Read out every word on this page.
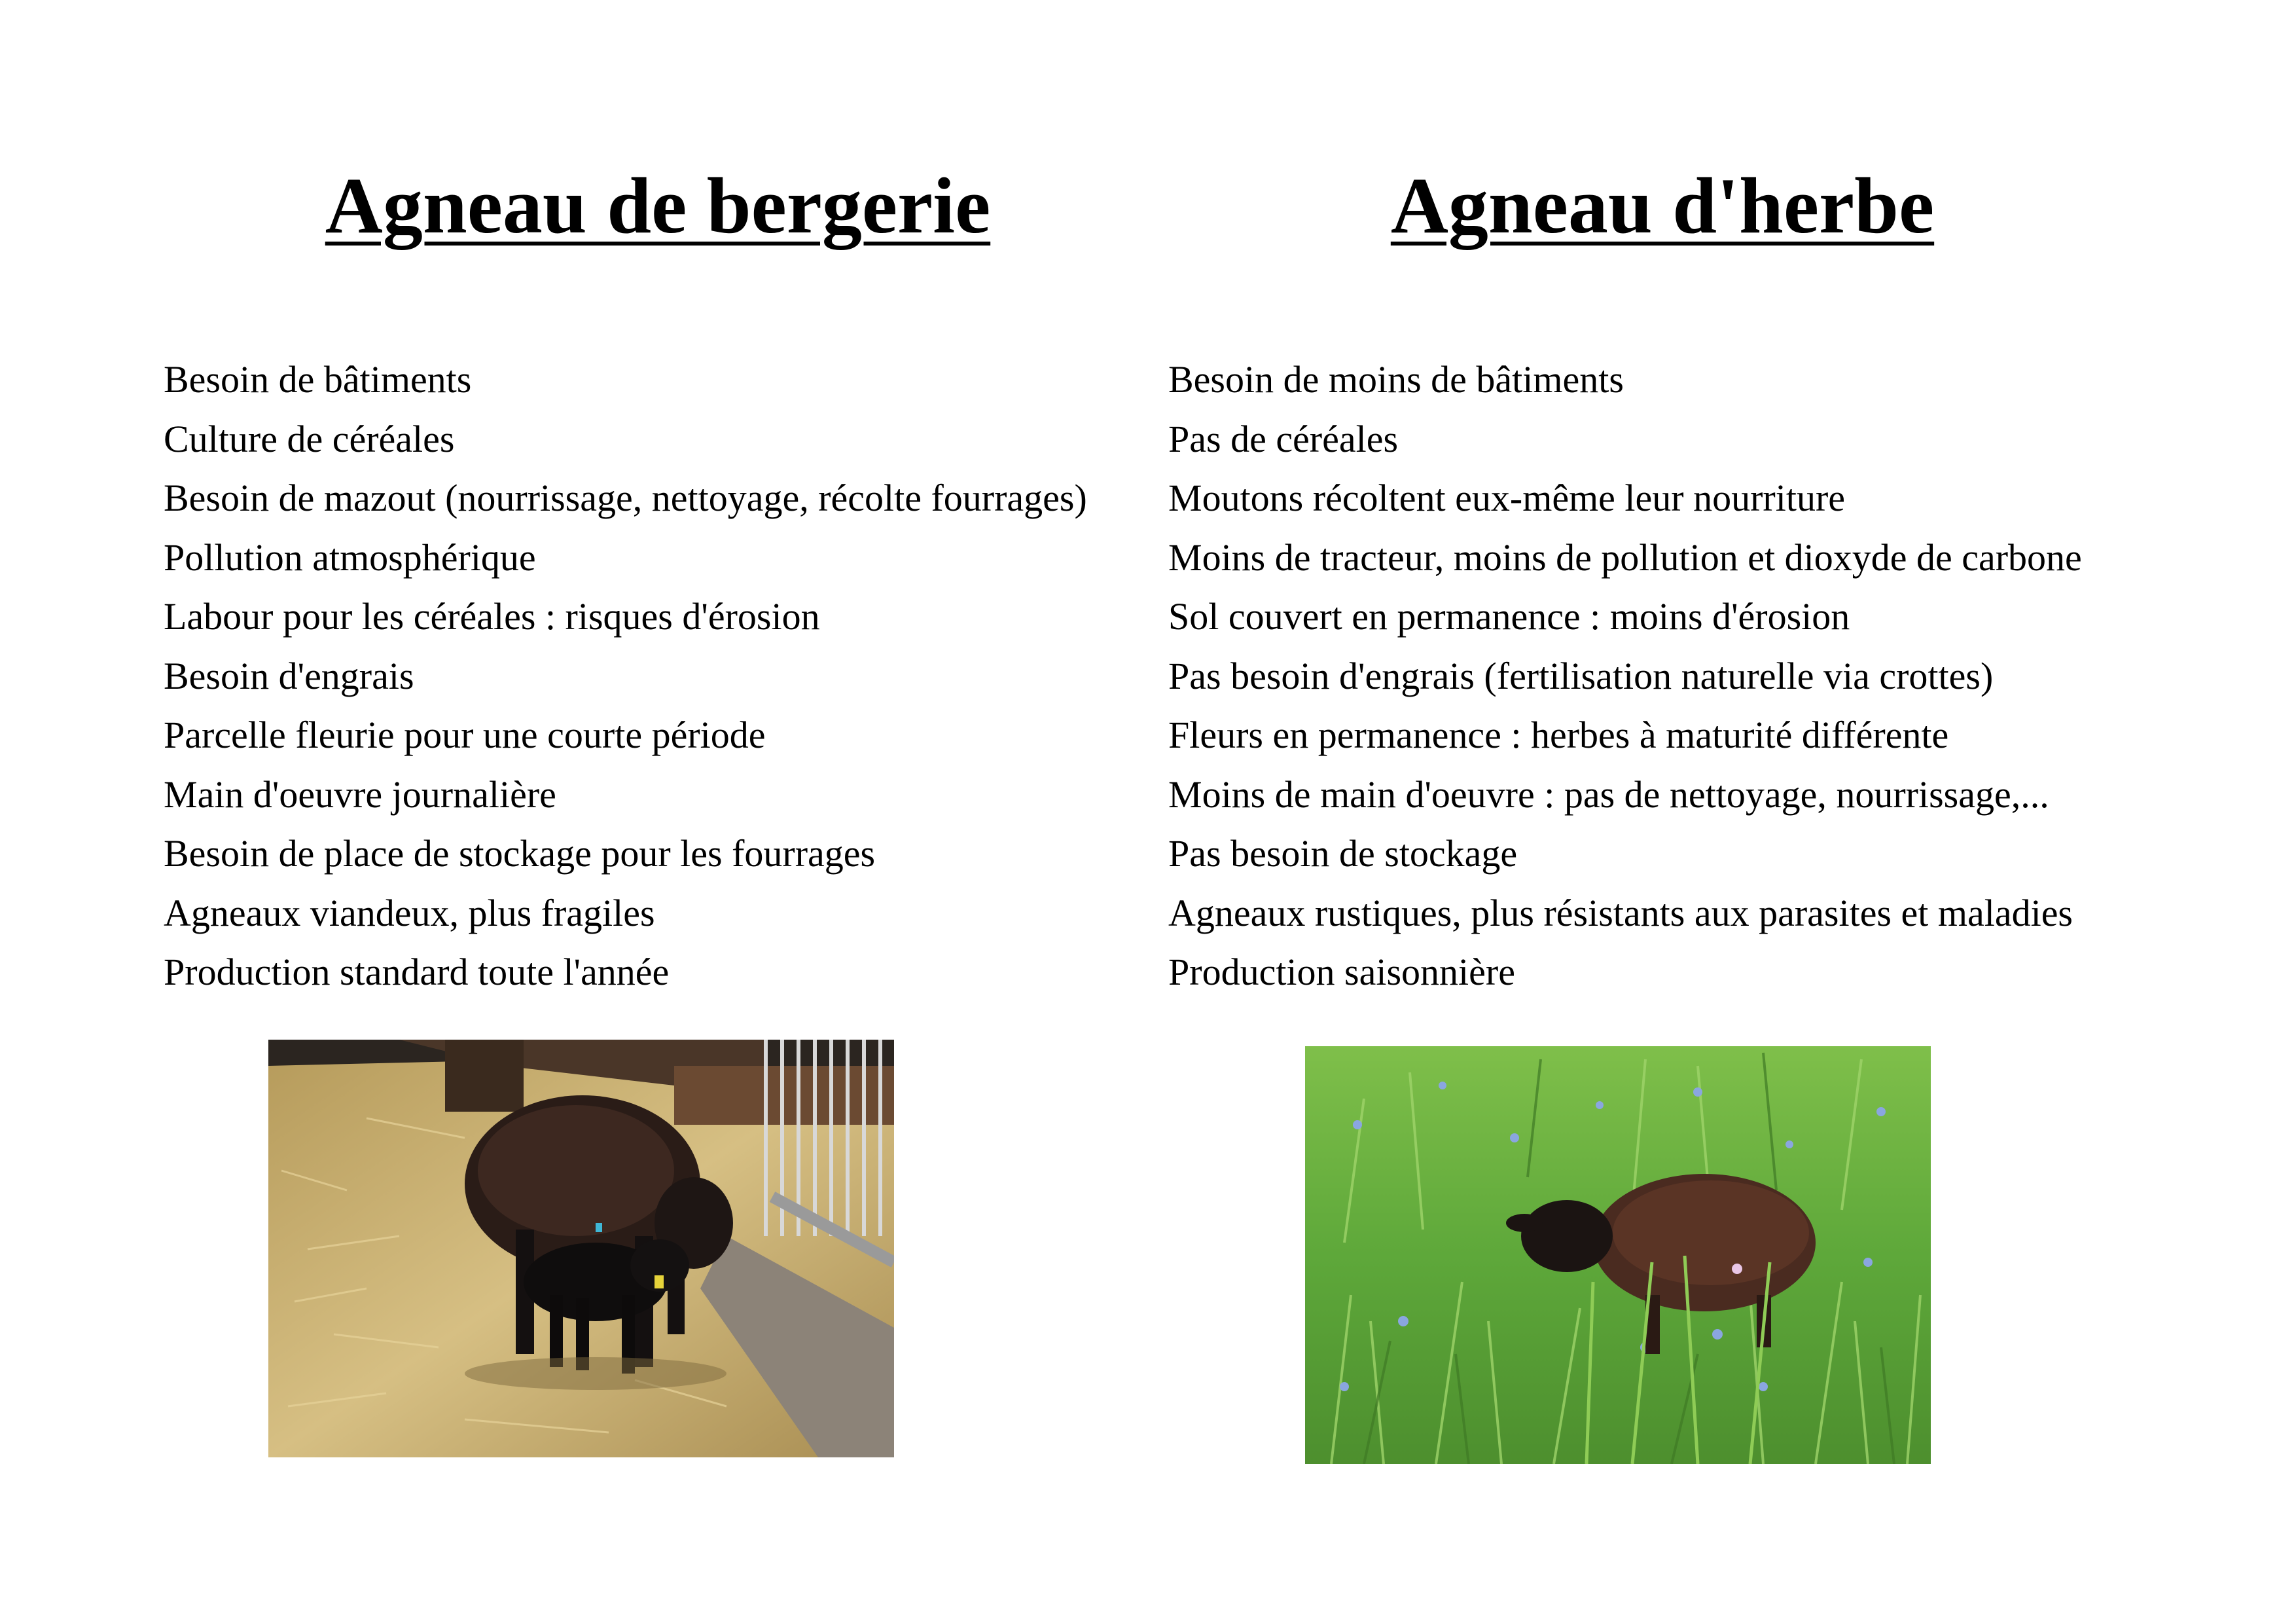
Agneau de bergerie
Besoin de bâtiments
Culture de céréales
Besoin de mazout (nourrissage, nettoyage, récolte fourrages)
Pollution atmosphérique
Labour pour les céréales : risques d'érosion
Besoin d'engrais
Parcelle fleurie pour une courte période
Main d'oeuvre journalière
Besoin de place de stockage pour les fourrages
Agneaux viandeux, plus fragiles
Production standard toute l'année
Agneau d'herbe
Besoin de moins de bâtiments
Pas de céréales
Moutons récoltent eux-même leur nourriture
Moins de tracteur, moins de pollution et dioxyde de carbone
Sol couvert en permanence : moins d'érosion
Pas besoin d'engrais (fertilisation naturelle via crottes)
Fleurs en permanence : herbes à maturité différente
Moins de main d'oeuvre : pas de nettoyage, nourrissage,...
Pas besoin de stockage
Agneaux rustiques, plus résistants aux parasites et maladies
Production saisonnière
